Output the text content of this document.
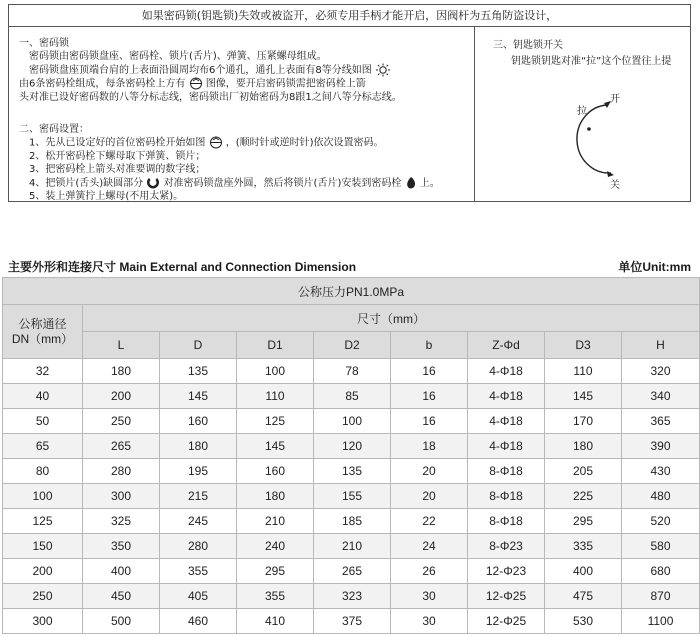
如果密码锁(钥匙锁)失效或被盗开，必须专用手柄才能开启，因阀杆为五角防盗设计，
一、密码锁
密码锁由密码锁盘座、密码栓、锁片(舌片)、弹簧、压紧螺母组成。
密码锁盘座顶端台肩的上表面沿圆周均布6个通孔，通孔上表面有8等分线如图
由6条密码栓组成，每条密码栓上方有 图像，要开启密码锁需把密码栓上箭
头对准已设好密码数的八等分标志线，密码锁出厂初始密码为8跟1之间八等分标志线。
二、密码设置：
1、先从已设定好的首位密码栓开始如图 ，(顺时针或逆时针)依次设置密码。
2、松开密码栓下螺母取下弹簧、锁片；
3、把密码栓上箭头对准要调的数字线；
4、把锁片(舌头)缺圆部分 对准密码锁盘座外圆，然后将锁片(舌片)安装到密码栓 上。
5、装上弹簧拧上螺母(不用太紧)。
三、钥匙锁开关
钥匙锁钥匙对准“拉”这个位置往上提
拉
开
关
主要外形和连接尺寸 Main External and Connection Dimension	单位Unit:mm
公称压力PN1.0MPa								
公称通径
DN（mm）	尺寸（mm）							
	L	D	D1	D2	b	Z-Φd	D3	H
32	180	135	100	78	16	4-Φ18	110	320
40	200	145	110	85	16	4-Φ18	145	340
50	250	160	125	100	16	4-Φ18	170	365
65	265	180	145	120	18	4-Φ18	180	390
80	280	195	160	135	20	8-Φ18	205	430
100	300	215	180	155	20	8-Φ18	225	480
125	325	245	210	185	22	8-Φ18	295	520
150	350	280	240	210	24	8-Φ23	335	580
200	400	355	295	265	26	12-Φ23	400	680
250	450	405	355	323	30	12-Φ25	475	870
300	500	460	410	375	30	12-Φ25	530	1100
